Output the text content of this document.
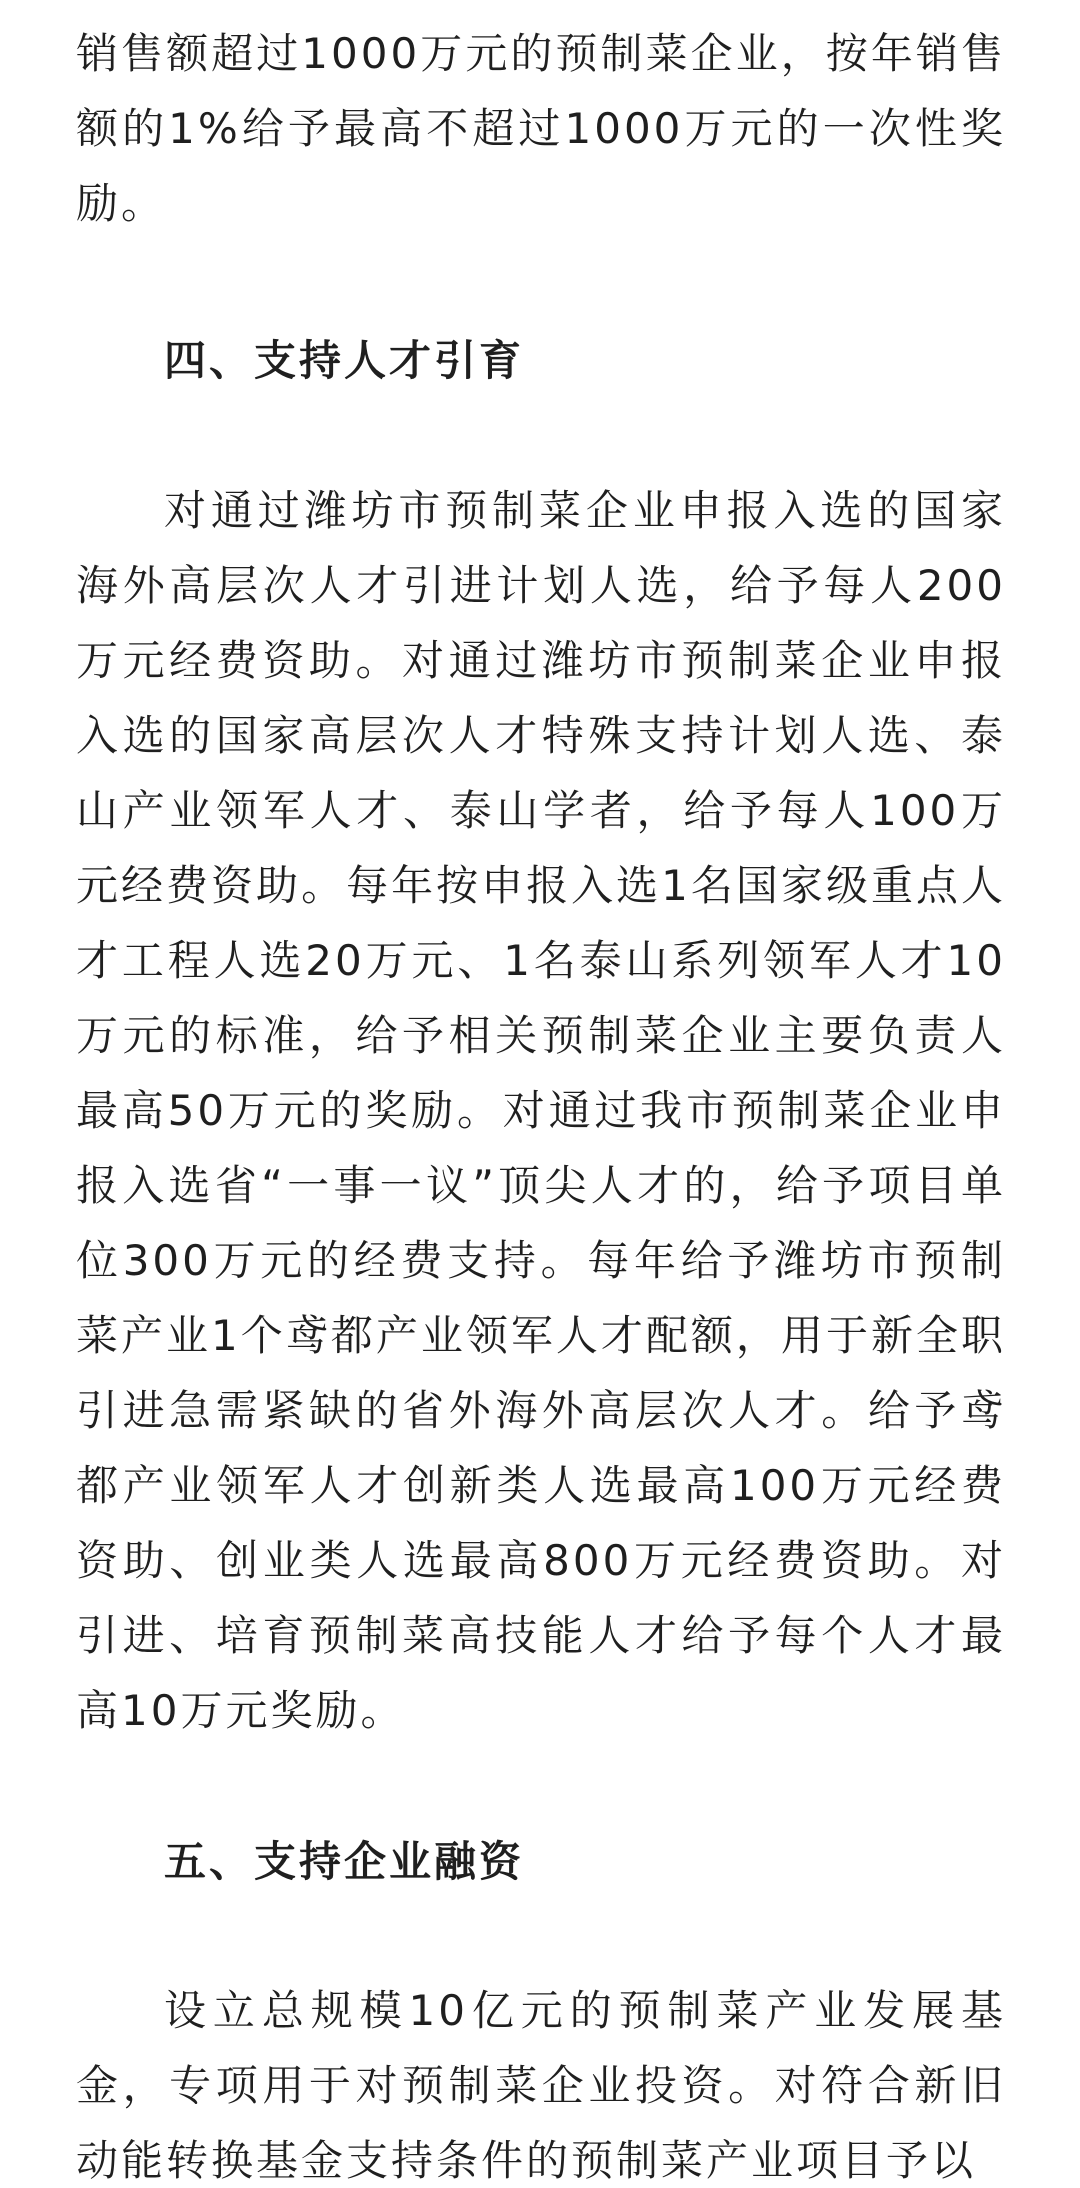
销售额超过1000万元的预制菜企业，按年销售额的1%给予最高不超过1000万元的一次性奖励。

四、支持人才引育

对通过潍坊市预制菜企业申报入选的国家海外高层次人才引进计划人选，给予每人200万元经费资助。对通过潍坊市预制菜企业申报入选的国家高层次人才特殊支持计划人选、泰山产业领军人才、泰山学者，给予每人100万元经费资助。每年按申报入选1名国家级重点人才工程人选20万元、1名泰山系列领军人才10万元的标准，给予相关预制菜企业主要负责人最高50万元的奖励。对通过我市预制菜企业申报入选省“一事一议”顶尖人才的，给予项目单位300万元的经费支持。每年给予潍坊市预制菜产业1个鸢都产业领军人才配额，用于新全职引进急需紧缺的省外海外高层次人才。给予鸢都产业领军人才创新类人选最高100万元经费资助、创业类人选最高800万元经费资助。对引进、培育预制菜高技能人才给予每个人才最高10万元奖励。

五、支持企业融资

设立总规模10亿元的预制菜产业发展基金，专项用于对预制菜企业投资。对符合新旧动能转换基金支持条件的预制菜产业项目予以
